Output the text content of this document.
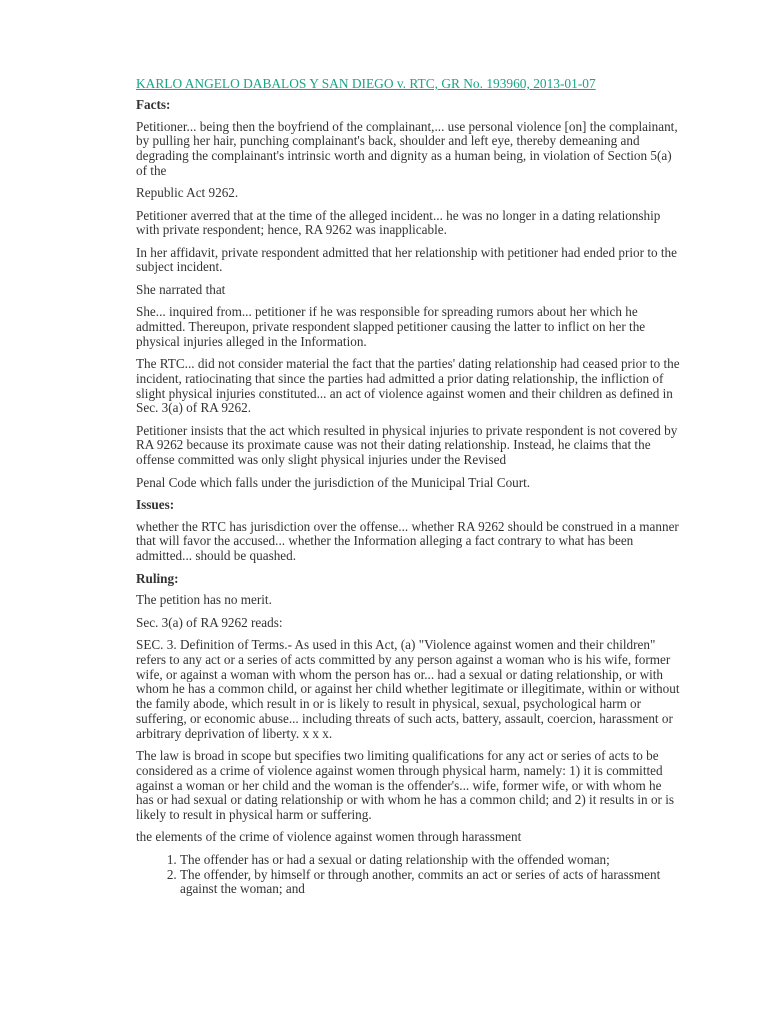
KARLO ANGELO DABALOS Y SAN DIEGO v. RTC, GR No. 193960, 2013-01-07
Facts:

Petitioner... being then the boyfriend of the complainant,... use personal violence [on] the complainant, by pulling her hair, punching complainant's back, shoulder and left eye, thereby demeaning and degrading the complainant's intrinsic worth and dignity as a human being, in violation of Section 5(a) of the

Republic Act 9262.

Petitioner averred that at the time of the alleged incident... he was no longer in a dating relationship with private respondent; hence, RA 9262 was inapplicable.

In her affidavit, private respondent admitted that her relationship with petitioner had ended prior to the subject incident.

She narrated that

She... inquired from... petitioner if he was responsible for spreading rumors about her which he admitted. Thereupon, private respondent slapped petitioner causing the latter to inflict on her the physical injuries alleged in the Information.

The RTC... did not consider material the fact that the parties' dating relationship had ceased prior to the incident, ratiocinating that since the parties had admitted a prior dating relationship, the infliction of slight physical injuries constituted... an act of violence against women and their children as defined in Sec. 3(a) of RA 9262.

Petitioner insists that the act which resulted in physical injuries to private respondent is not covered by RA 9262 because its proximate cause was not their dating relationship. Instead, he claims that the offense committed was only slight physical injuries under the Revised

Penal Code which falls under the jurisdiction of the Municipal Trial Court.

Issues:

whether the RTC has jurisdiction over the offense... whether RA 9262 should be construed in a manner that will favor the accused... whether the Information alleging a fact contrary to what has been admitted... should be quashed.

Ruling:

The petition has no merit.

Sec. 3(a) of RA 9262 reads:

SEC. 3. Definition of Terms.- As used in this Act, (a) "Violence against women and their children" refers to any act or a series of acts committed by any person against a woman who is his wife, former wife, or against a woman with whom the person has or... had a sexual or dating relationship, or with whom he has a common child, or against her child whether legitimate or illegitimate, within or without the family abode, which result in or is likely to result in physical, sexual, psychological harm or suffering, or economic abuse... including threats of such acts, battery, assault, coercion, harassment or arbitrary deprivation of liberty. x x x.

The law is broad in scope but specifies two limiting qualifications for any act or series of acts to be considered as a crime of violence against women through physical harm, namely: 1) it is committed against a woman or her child and the woman is the offender's... wife, former wife, or with whom he has or had sexual or dating relationship or with whom he has a common child; and 2) it results in or is likely to result in physical harm or suffering.

the elements of the crime of violence against women through harassment

1. The offender has or had a sexual or dating relationship with the offended woman;
2. The offender, by himself or through another, commits an act or series of acts of harassment against the woman; and
